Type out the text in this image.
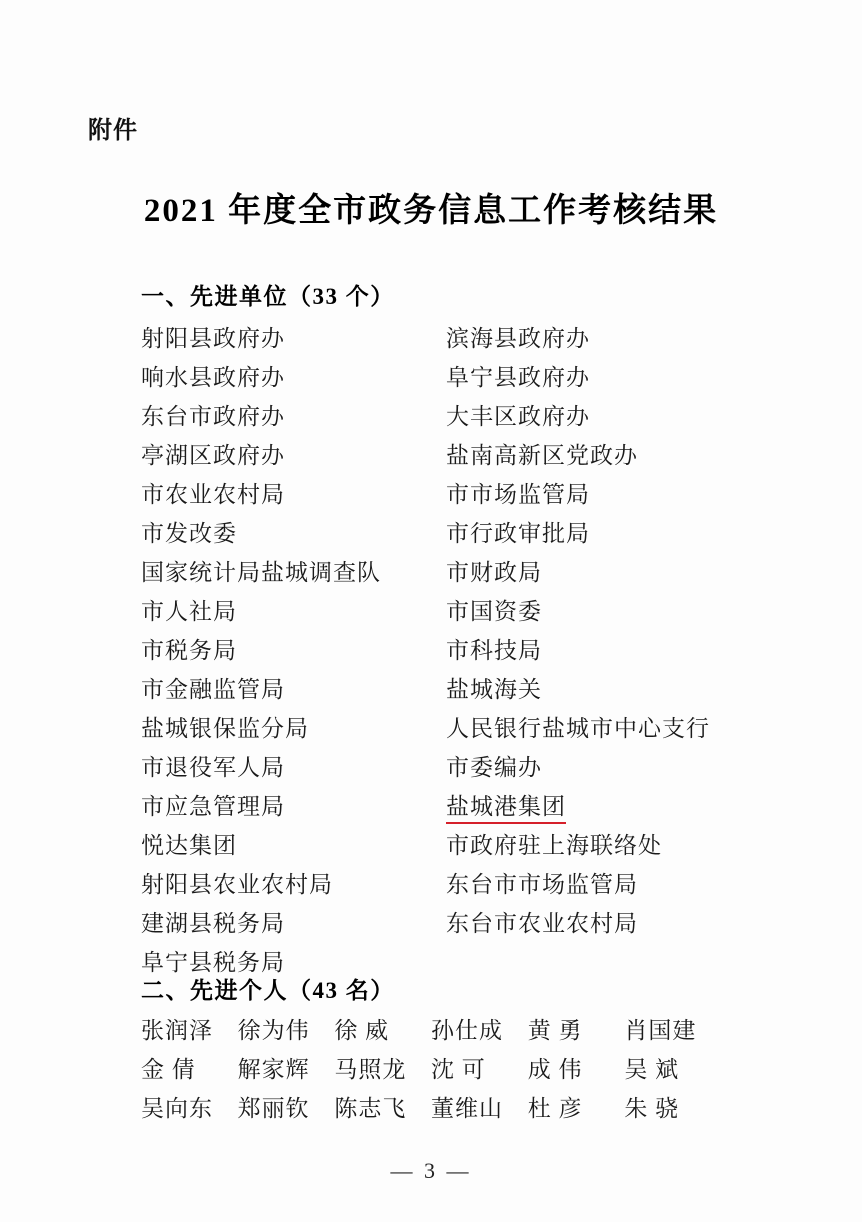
附件
2021 年度全市政务信息工作考核结果
一、先进单位（33 个）
射阳县政府办	滨海县政府办
响水县政府办	阜宁县政府办
东台市政府办	大丰区政府办
亭湖区政府办	盐南高新区党政办
市农业农村局	市市场监管局
市发改委	市行政审批局
国家统计局盐城调查队	市财政局
市人社局	市国资委
市税务局	市科技局
市金融监管局	盐城海关
盐城银保监分局	人民银行盐城市中心支行
市退役军人局	市委编办
市应急管理局	盐城港集团
悦达集团	市政府驻上海联络处
射阳县农业农村局	东台市市场监管局
建湖县税务局	东台市农业农村局
阜宁县税务局
二、先进个人（43 名）
张润泽	徐为伟	徐 威	孙仕成	黄 勇	肖国建
金 倩	解家辉	马照龙	沈 可	成 伟	吴 斌
吴向东	郑丽钦	陈志飞	董维山	杜 彦	朱 骁
— 3 —
